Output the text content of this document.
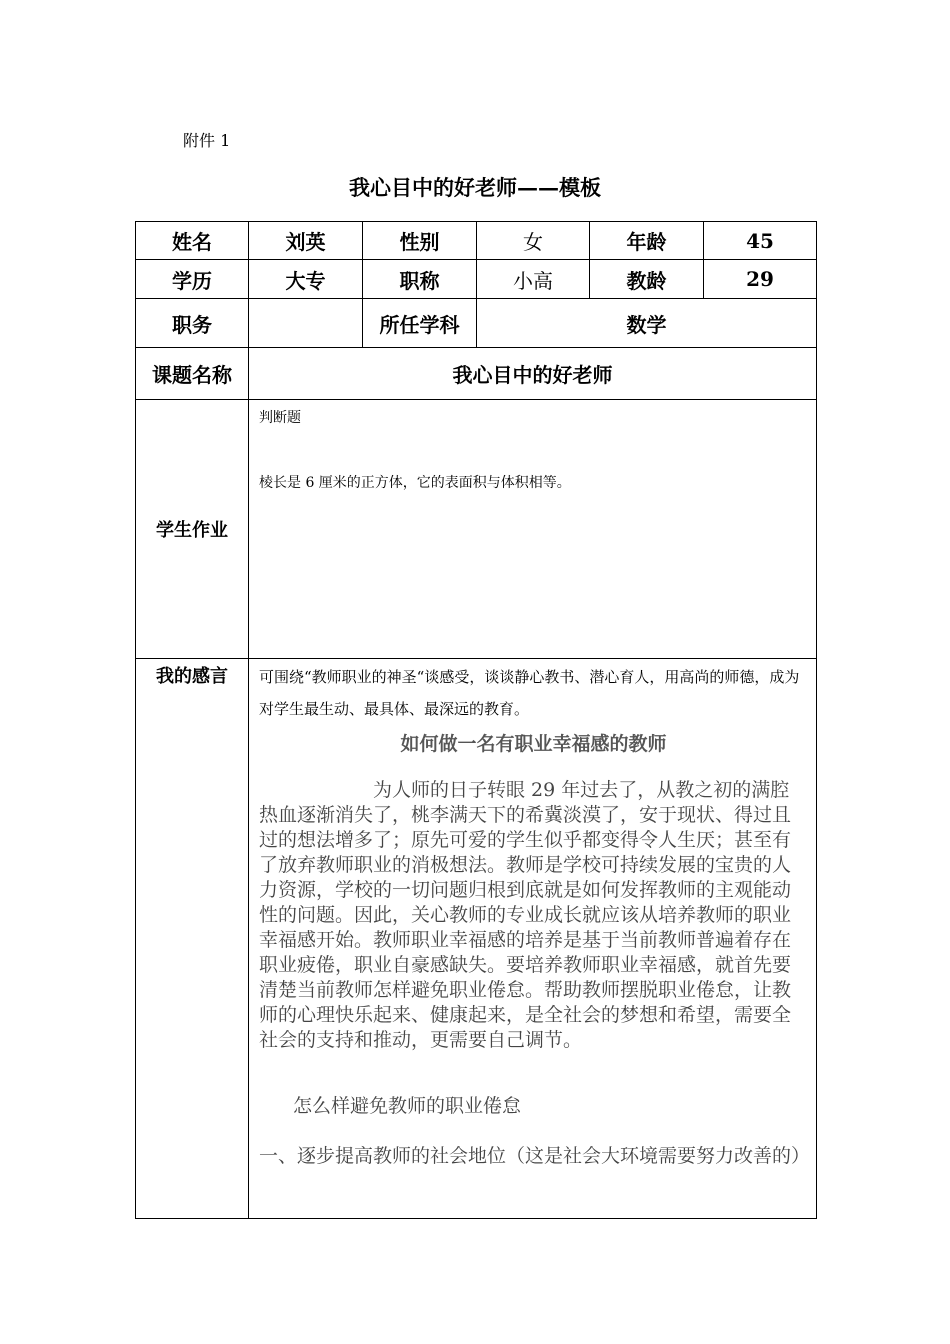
附件 1
我心目中的好老师——模板
姓名	刘英	性别	女	年龄	45
学历	大专	职称	小高	教龄	29
职务		所任学科	数学		
课题名称	我心目中的好老师				
学生作业	判断题
棱长是 6 厘米的正方体，它的表面积与体积相等。				

我的感言	可围绕“教师职业的神圣“谈感受，谈谈静心教书、潜心育人，用高尚的师德，成为对学生最生动、最具体、最深远的教育。
如何做一名有职业幸福感的教师

为人师的日子转眼 29 年过去了，从教之初的满腔热血逐渐消失了，桃李满天下的希冀淡漠了，安于现状、得过且过的想法增多了；原先可爱的学生似乎都变得令人生厌；甚至有了放弃教师职业的消极想法。教师是学校可持续发展的宝贵的人力资源，学校的一切问题归根到底就是如何发挥教师的主观能动性的问题。因此，关心教师的专业成长就应该从培养教师的职业幸福感开始。教师职业幸福感的培养是基于当前教师普遍着存在职业疲倦，职业自豪感缺失。要培养教师职业幸福感，就首先要清楚当前教师怎样避免职业倦怠。帮助教师摆脱职业倦怠，让教师的心理快乐起来、健康起来，是全社会的梦想和希望，需要全社会的支持和推动，更需要自己调节。

怎么样避免教师的职业倦怠
一、逐步提高教师的社会地位（这是社会大环境需要努力改善的）				
